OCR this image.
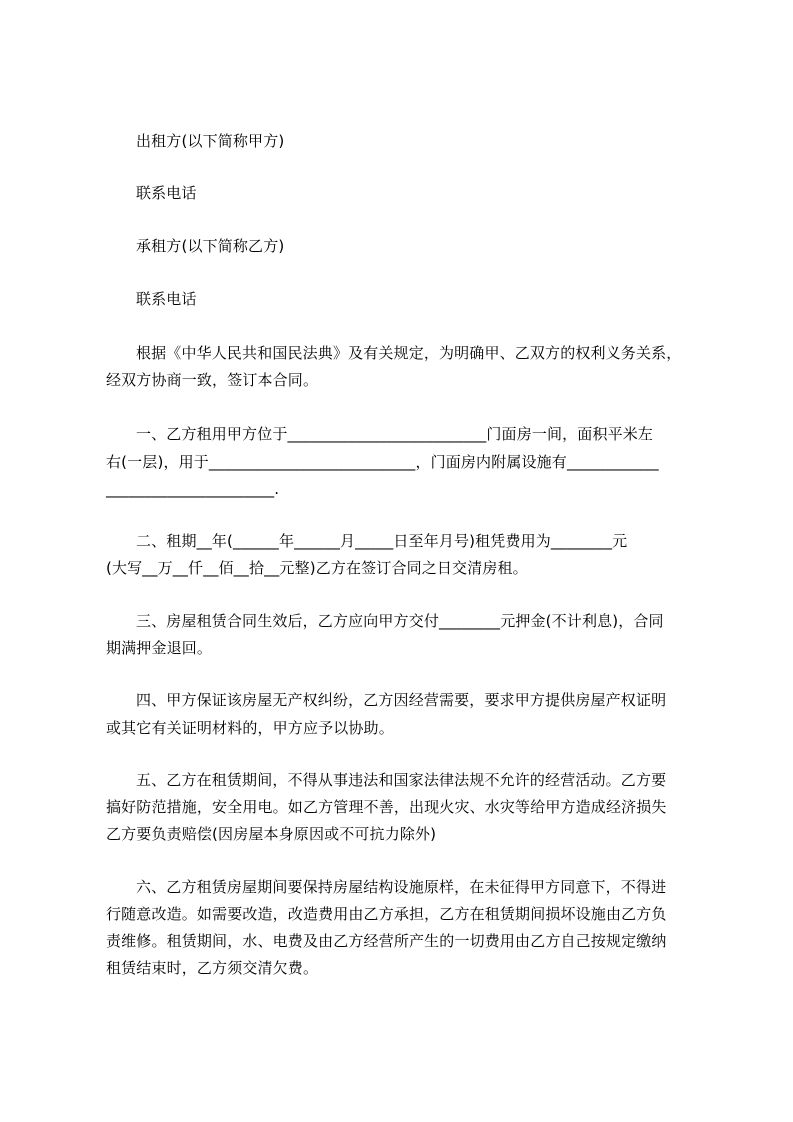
出租方(以下简称甲方)
联系电话
承租方(以下简称乙方)
联系电话
根据《中华人民共和国民法典》及有关规定，为明确甲、乙双方的权利义务关系，
经双方协商一致，签订本合同。
一、乙方租用甲方位于__________________________门面房一间，面积平米左
右(一层)，用于___________________________，门面房内附属设施有____________
______________________.
二、租期__年(______年______月_____日至年月号)租凭费用为________元
(大写__万__仟__佰__拾__元整)乙方在签订合同之日交清房租。
三、房屋租赁合同生效后，乙方应向甲方交付________元押金(不计利息)，合同
期满押金退回。
四、甲方保证该房屋无产权纠纷，乙方因经营需要，要求甲方提供房屋产权证明
或其它有关证明材料的，甲方应予以协助。
五、乙方在租赁期间，不得从事违法和国家法律法规不允许的经营活动。乙方要
搞好防范措施，安全用电。如乙方管理不善，出现火灾、水灾等给甲方造成经济损失
乙方要负责赔偿(因房屋本身原因或不可抗力除外)
六、乙方租赁房屋期间要保持房屋结构设施原样，在未征得甲方同意下，不得进
行随意改造。如需要改造，改造费用由乙方承担，乙方在租赁期间损坏设施由乙方负
责维修。租赁期间，水、电费及由乙方经营所产生的一切费用由乙方自己按规定缴纳
租赁结束时，乙方须交清欠费。
